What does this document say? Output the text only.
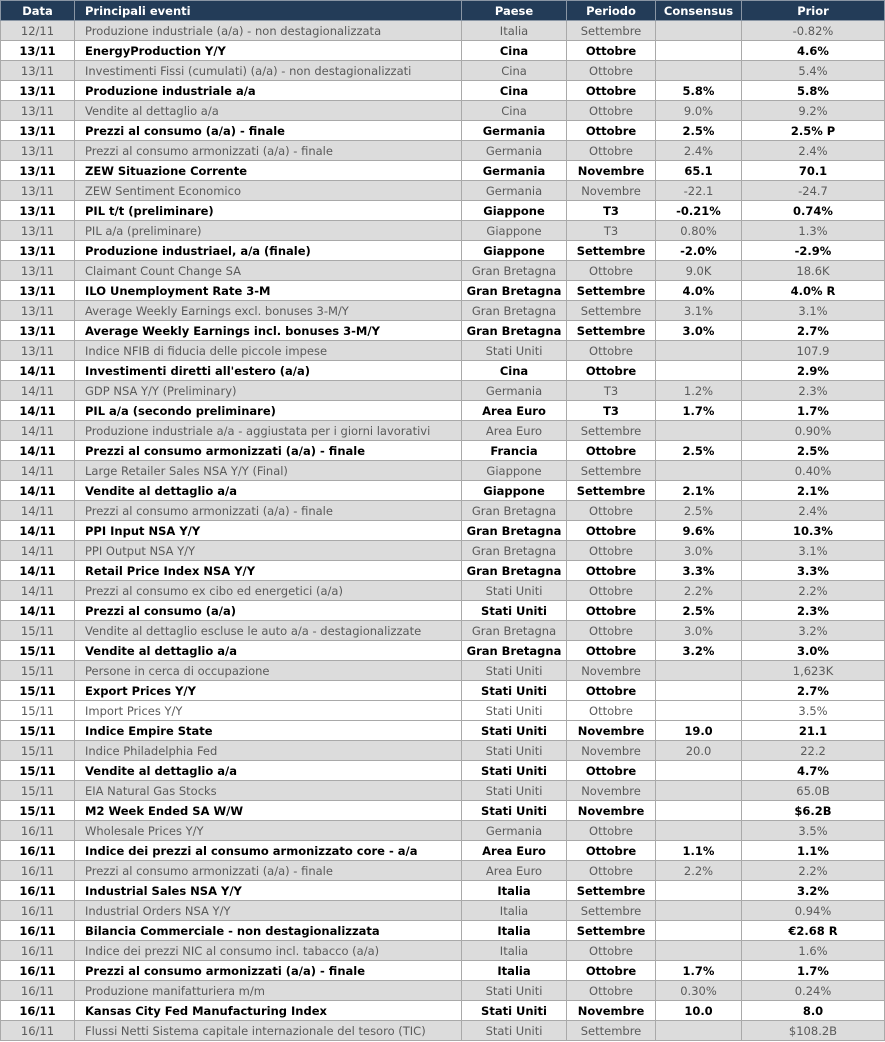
Data	Principali eventi	Paese	Periodo	Consensus	Prior
12/11	Produzione industriale (a/a) - non destagionalizzata	Italia	Settembre		-0.82%
13/11	EnergyProduction Y/Y	Cina	Ottobre		4.6%
13/11	Investimenti Fissi (cumulati) (a/a) - non destagionalizzati	Cina	Ottobre		5.4%
13/11	Produzione industriale a/a	Cina	Ottobre	5.8%	5.8%
13/11	Vendite al dettaglio a/a	Cina	Ottobre	9.0%	9.2%
13/11	Prezzi al consumo (a/a) - finale	Germania	Ottobre	2.5%	2.5% P
13/11	Prezzi al consumo armonizzati (a/a) - finale	Germania	Ottobre	2.4%	2.4%
13/11	ZEW Situazione Corrente	Germania	Novembre	65.1	70.1
13/11	ZEW Sentiment Economico	Germania	Novembre	-22.1	-24.7
13/11	PIL t/t (preliminare)	Giappone	T3	-0.21%	0.74%
13/11	PIL a/a (preliminare)	Giappone	T3	0.80%	1.3%
13/11	Produzione industriael, a/a (finale)	Giappone	Settembre	-2.0%	-2.9%
13/11	Claimant Count Change SA	Gran Bretagna	Ottobre	9.0K	18.6K
13/11	ILO Unemployment Rate 3-M	Gran Bretagna	Settembre	4.0%	4.0% R
13/11	Average Weekly Earnings excl. bonuses 3-M/Y	Gran Bretagna	Settembre	3.1%	3.1%
13/11	Average Weekly Earnings incl. bonuses 3-M/Y	Gran Bretagna	Settembre	3.0%	2.7%
13/11	Indice NFIB di fiducia delle piccole impese	Stati Uniti	Ottobre		107.9
14/11	Investimenti diretti all'estero (a/a)	Cina	Ottobre		2.9%
14/11	GDP NSA Y/Y (Preliminary)	Germania	T3	1.2%	2.3%
14/11	PIL a/a (secondo preliminare)	Area Euro	T3	1.7%	1.7%
14/11	Produzione industriale a/a - aggiustata per i giorni lavorativi	Area Euro	Settembre		0.90%
14/11	Prezzi al consumo armonizzati (a/a) - finale	Francia	Ottobre	2.5%	2.5%
14/11	Large Retailer Sales NSA Y/Y (Final)	Giappone	Settembre		0.40%
14/11	Vendite al dettaglio a/a	Giappone	Settembre	2.1%	2.1%
14/11	Prezzi al consumo armonizzati (a/a) - finale	Gran Bretagna	Ottobre	2.5%	2.4%
14/11	PPI Input NSA Y/Y	Gran Bretagna	Ottobre	9.6%	10.3%
14/11	PPI Output NSA Y/Y	Gran Bretagna	Ottobre	3.0%	3.1%
14/11	Retail Price Index NSA Y/Y	Gran Bretagna	Ottobre	3.3%	3.3%
14/11	Prezzi al consumo ex cibo ed energetici (a/a)	Stati Uniti	Ottobre	2.2%	2.2%
14/11	Prezzi al consumo (a/a)	Stati Uniti	Ottobre	2.5%	2.3%
15/11	Vendite al dettaglio escluse le auto a/a - destagionalizzate	Gran Bretagna	Ottobre	3.0%	3.2%
15/11	Vendite al dettaglio a/a	Gran Bretagna	Ottobre	3.2%	3.0%
15/11	Persone in cerca di occupazione	Stati Uniti	Novembre		1,623K
15/11	Export Prices Y/Y	Stati Uniti	Ottobre		2.7%
15/11	Import Prices Y/Y	Stati Uniti	Ottobre		3.5%
15/11	Indice Empire State	Stati Uniti	Novembre	19.0	21.1
15/11	Indice Philadelphia Fed	Stati Uniti	Novembre	20.0	22.2
15/11	Vendite al dettaglio a/a	Stati Uniti	Ottobre		4.7%
15/11	EIA Natural Gas Stocks	Stati Uniti	Novembre		65.0B
15/11	M2 Week Ended SA W/W	Stati Uniti	Novembre		$6.2B
16/11	Wholesale Prices Y/Y	Germania	Ottobre		3.5%
16/11	Indice dei prezzi al consumo armonizzato core - a/a	Area Euro	Ottobre	1.1%	1.1%
16/11	Prezzi al consumo armonizzati (a/a) - finale	Area Euro	Ottobre	2.2%	2.2%
16/11	Industrial Sales NSA Y/Y	Italia	Settembre		3.2%
16/11	Industrial Orders NSA Y/Y	Italia	Settembre		0.94%
16/11	Bilancia Commerciale - non destagionalizzata	Italia	Settembre		€2.68 R
16/11	Indice dei prezzi NIC al consumo incl. tabacco (a/a)	Italia	Ottobre		1.6%
16/11	Prezzi al consumo armonizzati (a/a) - finale	Italia	Ottobre	1.7%	1.7%
16/11	Produzione manifatturiera m/m	Stati Uniti	Ottobre	0.30%	0.24%
16/11	Kansas City Fed Manufacturing Index	Stati Uniti	Novembre	10.0	8.0
16/11	Flussi Netti Sistema capitale internazionale del tesoro (TIC)	Stati Uniti	Settembre		$108.2B
